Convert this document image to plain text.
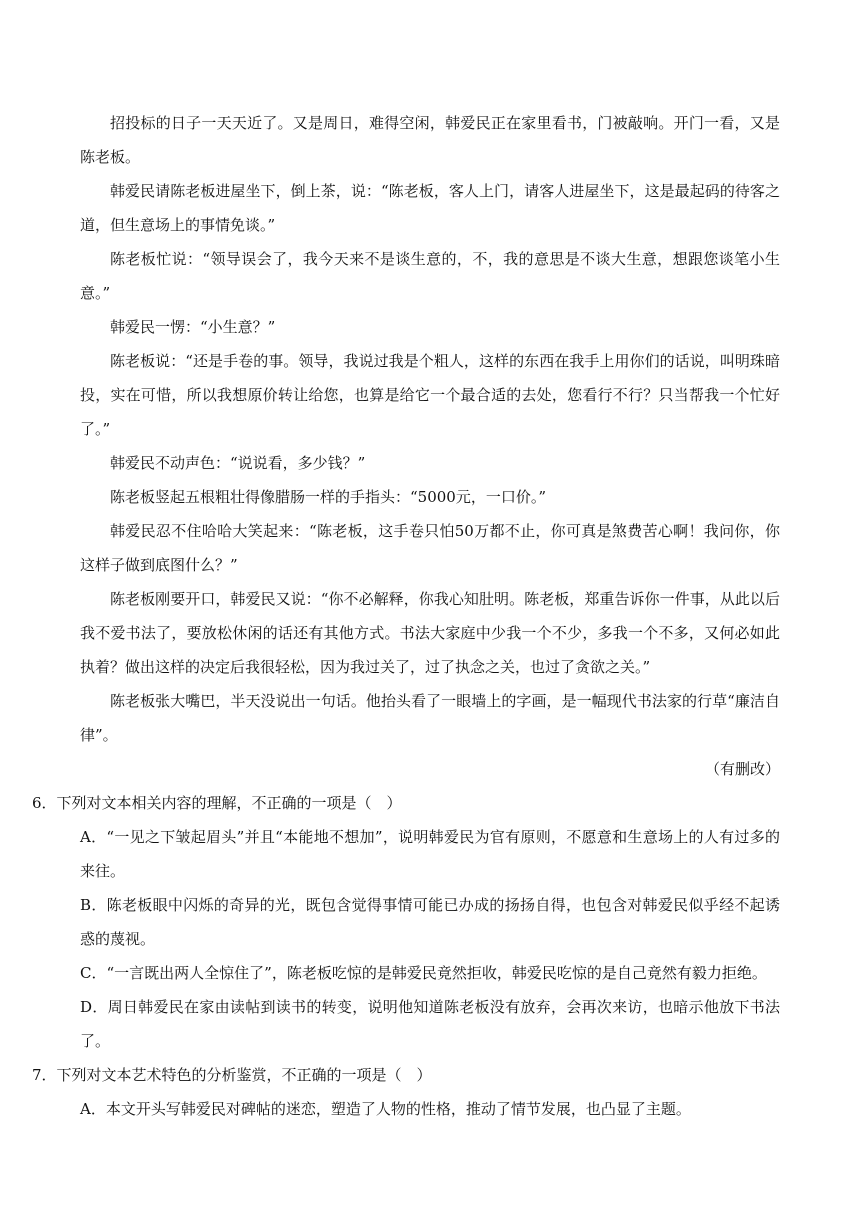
招投标的日子一天天近了。又是周日，难得空闲，韩爱民正在家里看书，门被敲响。开门一看，又是陈老板。

韩爱民请陈老板进屋坐下，倒上茶，说：“陈老板，客人上门，请客人进屋坐下，这是最起码的待客之道，但生意场上的事情免谈。”

陈老板忙说：“领导误会了，我今天来不是谈生意的，不，我的意思是不谈大生意，想跟您谈笔小生意。”

韩爱民一愣：“小生意？”

陈老板说：“还是手卷的事。领导，我说过我是个粗人，这样的东西在我手上用你们的话说，叫明珠暗投，实在可惜，所以我想原价转让给您，也算是给它一个最合适的去处，您看行不行？只当帮我一个忙好了。”

韩爱民不动声色：“说说看，多少钱？”

陈老板竖起五根粗壮得像腊肠一样的手指头：“5000元，一口价。”

韩爱民忍不住哈哈大笑起来：“陈老板，这手卷只怕50万都不止，你可真是煞费苦心啊！我问你，你这样子做到底图什么？”

陈老板刚要开口，韩爱民又说：“你不必解释，你我心知肚明。陈老板，郑重告诉你一件事，从此以后我不爱书法了，要放松休闲的话还有其他方式。书法大家庭中少我一个不少，多我一个不多，又何必如此执着？做出这样的决定后我很轻松，因为我过关了，过了执念之关，也过了贪欲之关。”

陈老板张大嘴巴，半天没说出一句话。他抬头看了一眼墙上的字画，是一幅现代书法家的行草“廉洁自律”。

（有删改）

6．下列对文本相关内容的理解，不正确的一项是（　）

A．“一见之下皱起眉头”并且“本能地不想加”，说明韩爱民为官有原则，不愿意和生意场上的人有过多的来往。

B．陈老板眼中闪烁的奇异的光，既包含觉得事情可能已办成的扬扬自得，也包含对韩爱民似乎经不起诱惑的蔑视。

C．“一言既出两人全惊住了”，陈老板吃惊的是韩爱民竟然拒收，韩爱民吃惊的是自己竟然有毅力拒绝。

D．周日韩爱民在家由读帖到读书的转变，说明他知道陈老板没有放弃，会再次来访，也暗示他放下书法了。

7．下列对文本艺术特色的分析鉴赏，不正确的一项是（　）

A．本文开头写韩爱民对碑帖的迷恋，塑造了人物的性格，推动了情节发展，也凸显了主题。
